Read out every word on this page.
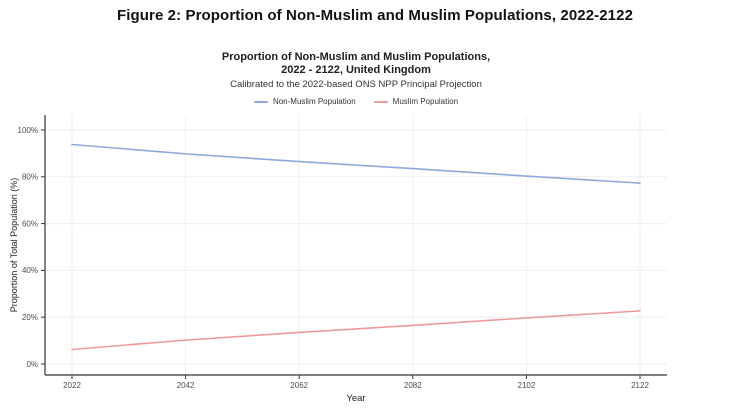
Figure 2: Proportion of Non-Muslim and Muslim Populations, 2022-2122
Proportion of Non-Muslim and Muslim Populations,
2022 - 2122, United Kingdom
Calibrated to the 2022-based ONS NPP Principal Projection
Non-Muslim Population	Muslim Population
0%
20%
40%
60%
80%
100%
2022	2042	2062	2082	2102	2122
Year
Proportion of Total Population (%)
